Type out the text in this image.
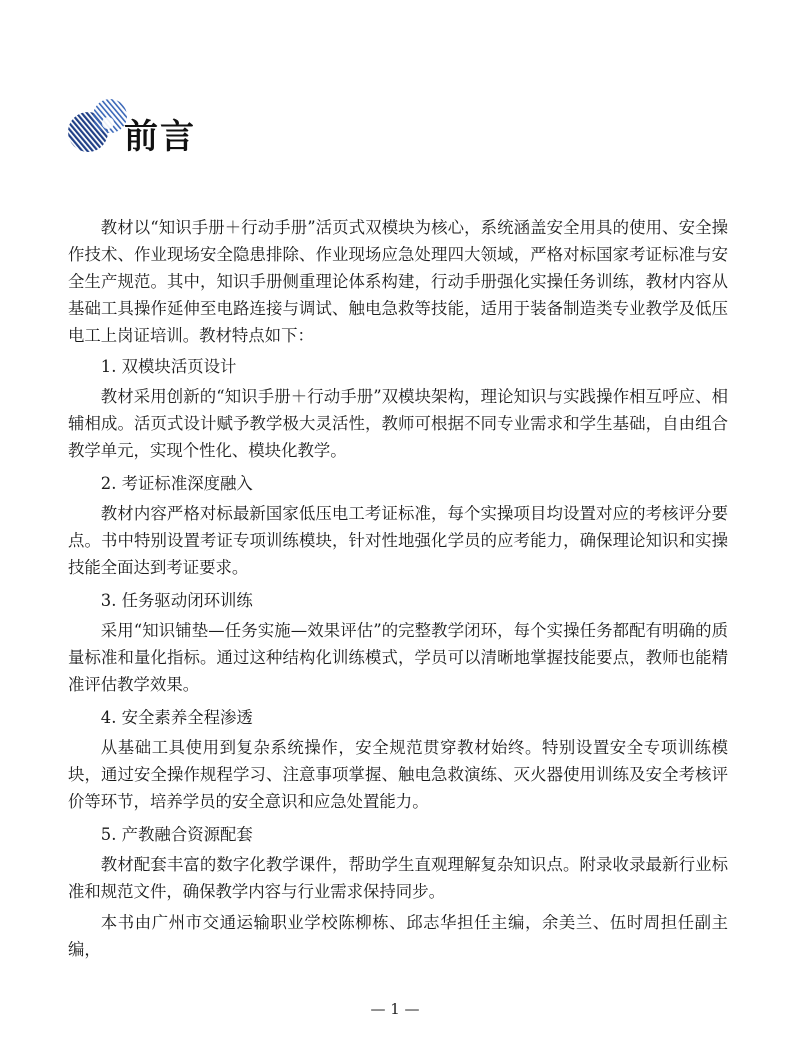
前言

教材以“知识手册＋行动手册”活页式双模块为核心，系统涵盖安全用具的使用、安全操作技术、作业现场安全隐患排除、作业现场应急处理四大领域，严格对标国家考证标准与安全生产规范。其中，知识手册侧重理论体系构建，行动手册强化实操任务训练，教材内容从基础工具操作延伸至电路连接与调试、触电急救等技能，适用于装备制造类专业教学及低压电工上岗证培训。教材特点如下：

1. 双模块活页设计

教材采用创新的“知识手册＋行动手册”双模块架构，理论知识与实践操作相互呼应、相辅相成。活页式设计赋予教学极大灵活性，教师可根据不同专业需求和学生基础，自由组合教学单元，实现个性化、模块化教学。

2. 考证标准深度融入

教材内容严格对标最新国家低压电工考证标准，每个实操项目均设置对应的考核评分要点。书中特别设置考证专项训练模块，针对性地强化学员的应考能力，确保理论知识和实操技能全面达到考证要求。

3. 任务驱动闭环训练

采用“知识铺垫—任务实施—效果评估”的完整教学闭环，每个实操任务都配有明确的质量标准和量化指标。通过这种结构化训练模式，学员可以清晰地掌握技能要点，教师也能精准评估教学效果。

4. 安全素养全程渗透

从基础工具使用到复杂系统操作，安全规范贯穿教材始终。特别设置安全专项训练模块，通过安全操作规程学习、注意事项掌握、触电急救演练、灭火器使用训练及安全考核评价等环节，培养学员的安全意识和应急处置能力。

5. 产教融合资源配套

教材配套丰富的数字化教学课件，帮助学生直观理解复杂知识点。附录收录最新行业标准和规范文件，确保教学内容与行业需求保持同步。

本书由广州市交通运输职业学校陈柳栋、邱志华担任主编，余美兰、伍时周担任副主编，

— 1 —
